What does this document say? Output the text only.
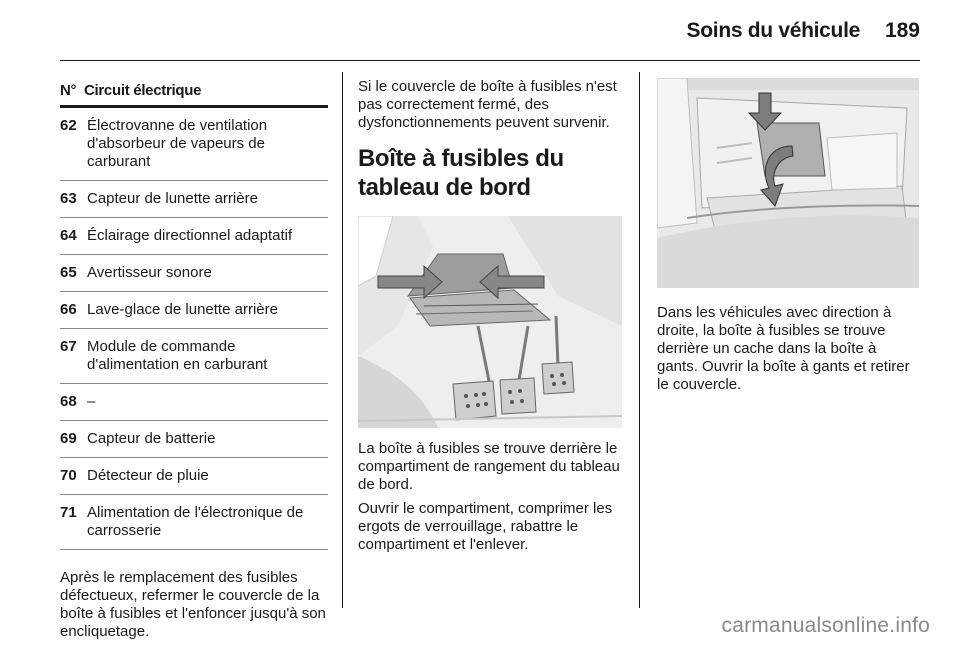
Soins du véhicule 189
N° Circuit électrique
62 Électrovanne de ventilation d'absorbeur de vapeurs de carburant
63 Capteur de lunette arrière
64 Éclairage directionnel adaptatif
65 Avertisseur sonore
66 Lave-glace de lunette arrière
67 Module de commande d'alimentation en carburant
68 –
69 Capteur de batterie
70 Détecteur de pluie
71 Alimentation de l'électronique de carrosserie

Après le remplacement des fusibles défectueux, refermer le couvercle de la boîte à fusibles et l'enfoncer jusqu'à son encliquetage.

Si le couvercle de boîte à fusibles n'est pas correctement fermé, des dysfonctionnements peuvent survenir.

Boîte à fusibles du tableau de bord

La boîte à fusibles se trouve derrière le compartiment de rangement du tableau de bord.

Ouvrir le compartiment, comprimer les ergots de verrouillage, rabattre le compartiment et l'enlever.

Dans les véhicules avec direction à droite, la boîte à fusibles se trouve derrière un cache dans la boîte à gants. Ouvrir la boîte à gants et retirer le couvercle.

carmanualsonline.info
